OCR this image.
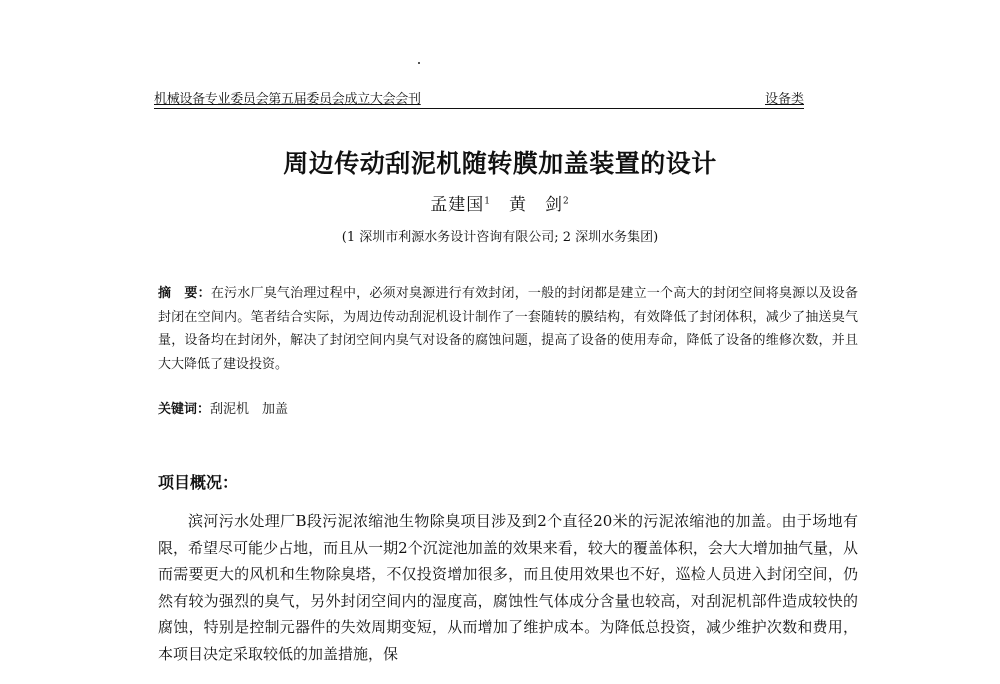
机械设备专业委员会第五届委员会成立大会会刊	设备类
周边传动刮泥机随转膜加盖装置的设计
孟建国$^1$ 黄　剑$^2$
(1 深圳市利源水务设计咨询有限公司; 2 深圳水务集团)
摘　要：在污水厂臭气治理过程中，必须对臭源进行有效封闭，一般的封闭都是建立一个高大的封闭空间将臭源以及设备封闭在空间内。笔者结合实际，为周边传动刮泥机设计制作了一套随转的膜结构，有效降低了封闭体积，减少了抽送臭气量，设备均在封闭外，解决了封闭空间内臭气对设备的腐蚀问题，提高了设备的使用寿命，降低了设备的维修次数，并且大大降低了建设投资。
关键词：刮泥机　加盖
项目概况：
滨河污水处理厂B段污泥浓缩池生物除臭项目涉及到2个直径20米的污泥浓缩池的加盖。由于场地有限，希望尽可能少占地，而且从一期2个沉淀池加盖的效果来看，较大的覆盖体积，会大大增加抽气量，从而需要更大的风机和生物除臭塔，不仅投资增加很多，而且使用效果也不好，巡检人员进入封闭空间，仍然有较为强烈的臭气，另外封闭空间内的湿度高，腐蚀性气体成分含量也较高，对刮泥机部件造成较快的腐蚀，特别是控制元器件的失效周期变短，从而增加了维护成本。为降低总投资，减少维护次数和费用，本项目决定采取较低的加盖措施，保
